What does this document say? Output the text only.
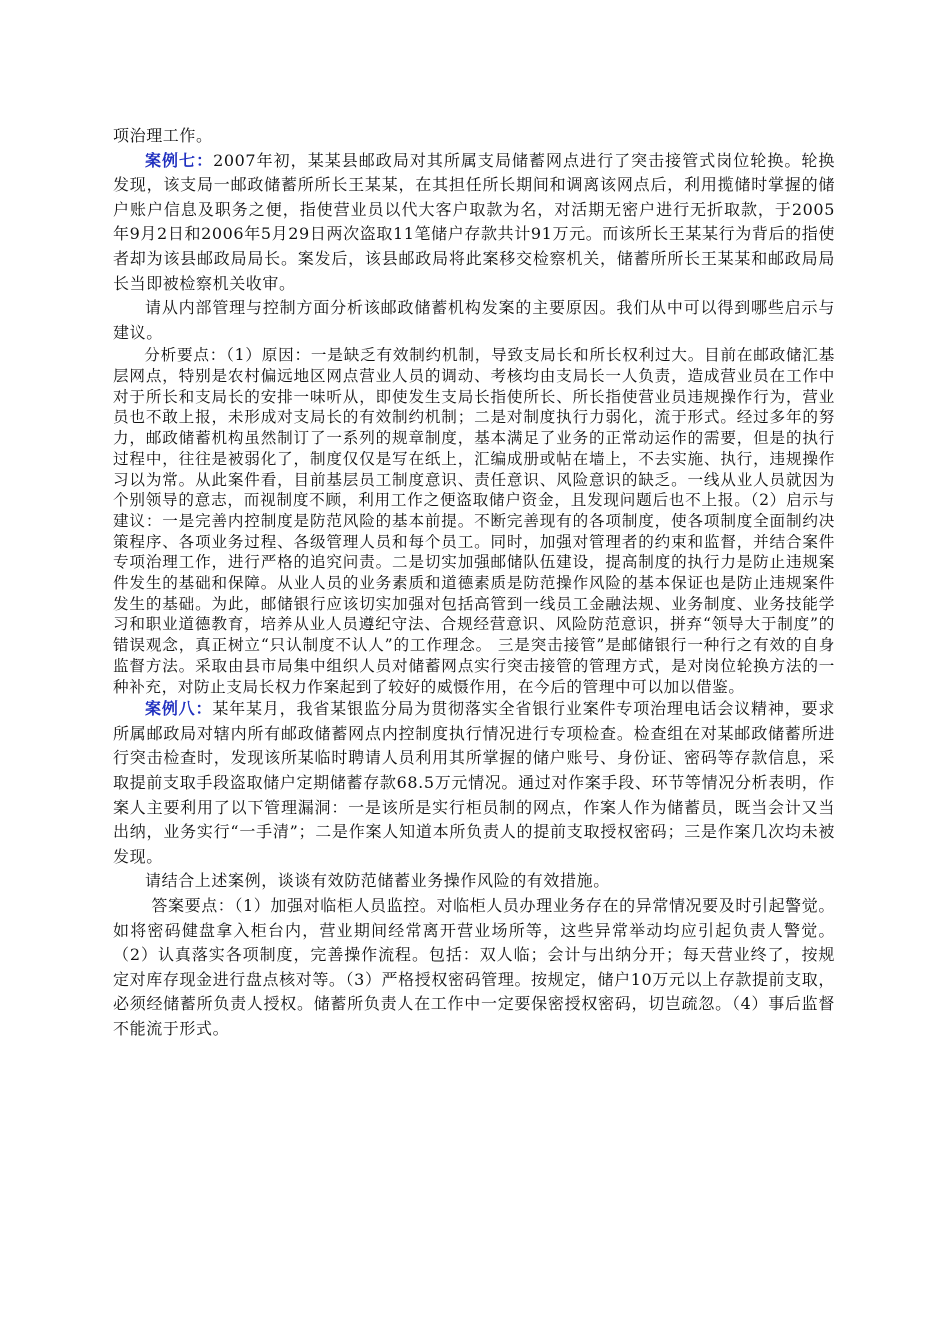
项治理工作。

案例七：2007年初，某某县邮政局对其所属支局储蓄网点进行了突击接管式岗位轮换。轮换发现，该支局一邮政储蓄所所长王某某，在其担任所长期间和调离该网点后，利用揽储时掌握的储户账户信息及职务之便，指使营业员以代大客户取款为名，对活期无密户进行无折取款，于2005年9月2日和2006年5月29日两次盗取11笔储户存款共计91万元。而该所长王某某行为背后的指使者却为该县邮政局局长。案发后，该县邮政局将此案移交检察机关，储蓄所所长王某某和邮政局局长当即被检察机关收审。

请从内部管理与控制方面分析该邮政储蓄机构发案的主要原因。我们从中可以得到哪些启示与建议。

分析要点：（1）原因：一是缺乏有效制约机制，导致支局长和所长权利过大。目前在邮政储汇基层网点，特别是农村偏远地区网点营业人员的调动、考核均由支局长一人负责，造成营业员在工作中对于所长和支局长的安排一味听从，即使发生支局长指使所长、所长指使营业员违规操作行为，营业员也不敢上报，未形成对支局长的有效制约机制；二是对制度执行力弱化，流于形式。经过多年的努力，邮政储蓄机构虽然制订了一系列的规章制度，基本满足了业务的正常动运作的需要，但是的执行过程中，往往是被弱化了，制度仅仅是写在纸上，汇编成册或帖在墙上，不去实施、执行，违规操作习以为常。从此案件看，目前基层员工制度意识、责任意识、风险意识的缺乏。一线从业人员就因为个别领导的意志，而视制度不顾，利用工作之便盗取储户资金，且发现问题后也不上报。（2）启示与建议：一是完善内控制度是防范风险的基本前提。不断完善现有的各项制度，使各项制度全面制约决策程序、各项业务过程、各级管理人员和每个员工。同时，加强对管理者的约束和监督，并结合案件专项治理工作，进行严格的追究问责。二是切实加强邮储队伍建设，提高制度的执行力是防止违规案件发生的基础和保障。从业人员的业务素质和道德素质是防范操作风险的基本保证也是防止违规案件发生的基础。为此，邮储银行应该切实加强对包括高管到一线员工金融法规、业务制度、业务技能学习和职业道德教育，培养从业人员遵纪守法、合规经营意识、风险防范意识，拼弃“领导大于制度”的错误观念，真正树立“只认制度不认人”的工作理念。 三是突击接管”是邮储银行一种行之有效的自身监督方法。采取由县市局集中组织人员对储蓄网点实行突击接管的管理方式，是对岗位轮换方法的一种补充，对防止支局长权力作案起到了较好的威慑作用，在今后的管理中可以加以借鉴。

案例八：某年某月，我省某银监分局为贯彻落实全省银行业案件专项治理电话会议精神，要求所属邮政局对辖内所有邮政储蓄网点内控制度执行情况进行专项检查。检查组在对某邮政储蓄所进行突击检查时，发现该所某临时聘请人员利用其所掌握的储户账号、身份证、密码等存款信息，采取提前支取手段盗取储户定期储蓄存款68.5万元情况。通过对作案手段、环节等情况分析表明，作案人主要利用了以下管理漏洞：一是该所是实行柜员制的网点，作案人作为储蓄员，既当会计又当出纳，业务实行“一手清”；二是作案人知道本所负责人的提前支取授权密码；三是作案几次均未被发现。

请结合上述案例，谈谈有效防范储蓄业务操作风险的有效措施。

答案要点：（1）加强对临柜人员监控。对临柜人员办理业务存在的异常情况要及时引起警觉。如将密码健盘拿入柜台内，营业期间经常离开营业场所等，这些异常举动均应引起负责人警觉。（2）认真落实各项制度，完善操作流程。包括：双人临；会计与出纳分开；每天营业终了，按规定对库存现金进行盘点核对等。（3）严格授权密码管理。按规定，储户10万元以上存款提前支取，必须经储蓄所负责人授权。储蓄所负责人在工作中一定要保密授权密码，切岂疏忽。（4）事后监督不能流于形式。
